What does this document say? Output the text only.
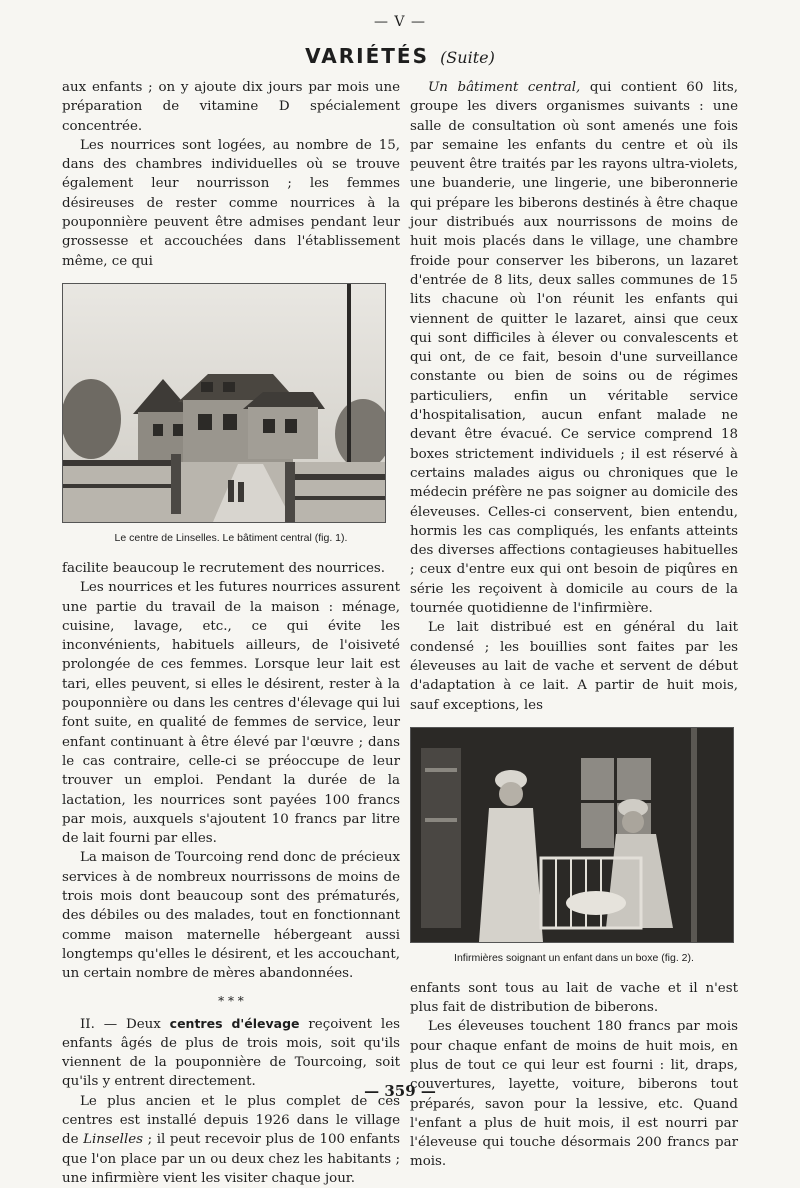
— V —
VARIÉTÉS (Suite)

aux enfants ; on y ajoute dix jours par mois une préparation de vitamine D spécialement concentrée.

Les nourrices sont logées, au nombre de 15, dans des chambres individuelles où se trouve également leur nourrisson ; les femmes désireuses de rester comme nourrices à la pouponnière peuvent être admises pendant leur grossesse et accouchées dans l'établissement même, ce qui

Le centre de Linselles. Le bâtiment central (fig. 1).

facilite beaucoup le recrutement des nourrices.

Les nourrices et les futures nourrices assurent une partie du travail de la maison : ménage, cuisine, lavage, etc., ce qui évite les inconvénients, habituels ailleurs, de l'oisiveté prolongée de ces femmes. Lorsque leur lait est tari, elles peuvent, si elles le désirent, rester à la pouponnière ou dans les centres d'élevage qui lui font suite, en qualité de femmes de service, leur enfant continuant à être élevé par l'œuvre ; dans le cas contraire, celle-ci se préoccupe de leur trouver un emploi. Pendant la durée de la lactation, les nourrices sont payées 100 francs par mois, auxquels s'ajoutent 10 francs par litre de lait fourni par elles.

La maison de Tourcoing rend donc de précieux services à de nombreux nourrissons de moins de trois mois dont beaucoup sont des prématurés, des débiles ou des malades, tout en fonctionnant comme maison maternelle hébergeant aussi longtemps qu'elles le désirent, et les accouchant, un certain nombre de mères abandonnées.

* * *

II. — Deux centres d'élevage reçoivent les enfants âgés de plus de trois mois, soit qu'ils viennent de la pouponnière de Tourcoing, soit qu'ils y entrent directement.

Le plus ancien et le plus complet de ces centres est installé depuis 1926 dans le village de Linselles ; il peut recevoir plus de 100 enfants que l'on place par un ou deux chez les habitants ; une infirmière vient les visiter chaque jour.

Un bâtiment central, qui contient 60 lits, groupe les divers organismes suivants : une salle de consultation où sont amenés une fois par semaine les enfants du centre et où ils peuvent être traités par les rayons ultra-violets, une buanderie, une lingerie, une biberonnerie qui prépare les biberons destinés à être chaque jour distribués aux nourrissons de moins de huit mois placés dans le village, une chambre froide pour conserver les biberons, un lazaret d'entrée de 8 lits, deux salles communes de 15 lits chacune où l'on réunit les enfants qui viennent de quitter le lazaret, ainsi que ceux qui sont difficiles à élever ou convalescents et qui ont, de ce fait, besoin d'une surveillance constante ou bien de soins ou de régimes particuliers, enfin un véritable service d'hospitalisation, aucun enfant malade ne devant être évacué. Ce service comprend 18 boxes strictement individuels ; il est réservé à certains malades aigus ou chroniques que le médecin préfère ne pas soigner au domicile des éleveuses. Celles-ci conservent, bien entendu, hormis les cas compliqués, les enfants atteints des diverses affections contagieuses habituelles ; ceux d'entre eux qui ont besoin de piqûres en série les reçoivent à domicile au cours de la tournée quotidienne de l'infirmière.

Le lait distribué est en général du lait condensé ; les bouillies sont faites par les éleveuses au lait de vache et servent de début d'adaptation à ce lait. A partir de huit mois, sauf exceptions, les

Infirmières soignant un enfant dans un boxe (fig. 2).

enfants sont tous au lait de vache et il n'est plus fait de distribution de biberons.

Les éleveuses touchent 180 francs par mois pour chaque enfant de moins de huit mois, en plus de tout ce qui leur est fourni : lit, draps, couvertures, layette, voiture, biberons tout préparés, savon pour la lessive, etc. Quand l'enfant a plus de huit mois, il est nourri par l'éleveuse qui touche désormais 200 francs par mois.

— 359 —
